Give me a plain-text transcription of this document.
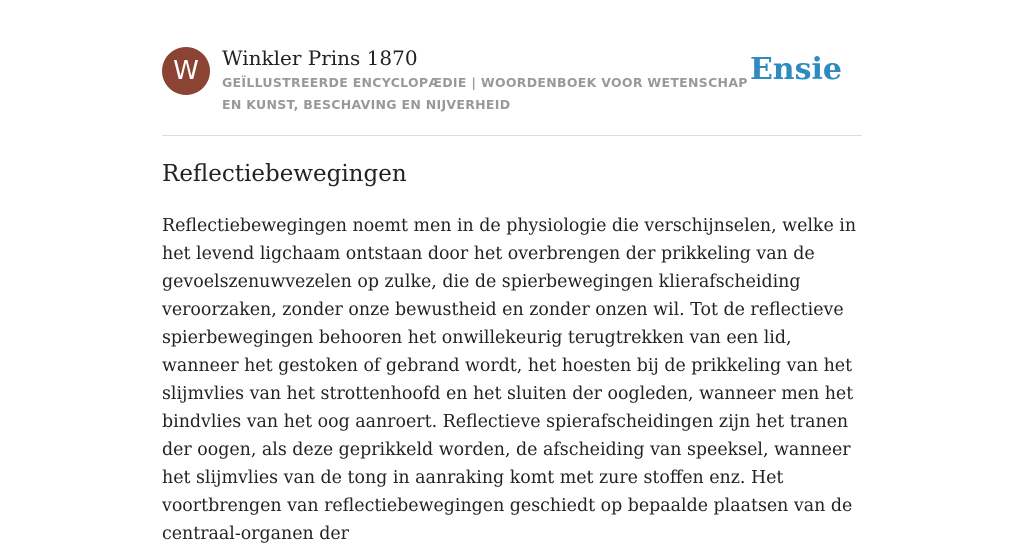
W	Winkler Prins 1870
GEÏLLUSTREERDE ENCYCLOPÆDIE | WOORDENBOEK VOOR WETENSCHAP EN KUNST, BESCHAVING EN NIJVERHEID
Ensie
Reflectiebewegingen

Reflectiebewegingen noemt men in de physiologie die verschijnselen, welke in het levend ligchaam ontstaan door het overbrengen der prikkeling van de gevoelszenuwvezelen op zulke, die de spierbewegingen klierafscheiding veroorzaken, zonder onze bewustheid en zonder onzen wil. Tot de reflectieve spierbewegingen behooren het onwillekeurig terugtrekken van een lid, wanneer het gestoken of gebrand wordt, het hoesten bij de prikkeling van het slijmvlies van het strottenhoofd en het sluiten der oogleden, wanneer men het bindvlies van het oog aanroert. Reflectieve spierafscheidingen zijn het tranen der oogen, als deze geprikkeld worden, de afscheiding van speeksel, wanneer het slijmvlies van de tong in aanraking komt met zure stoffen enz. Het voortbrengen van reflectiebewegingen geschiedt op bepaalde plaatsen van de centraal-organen der
